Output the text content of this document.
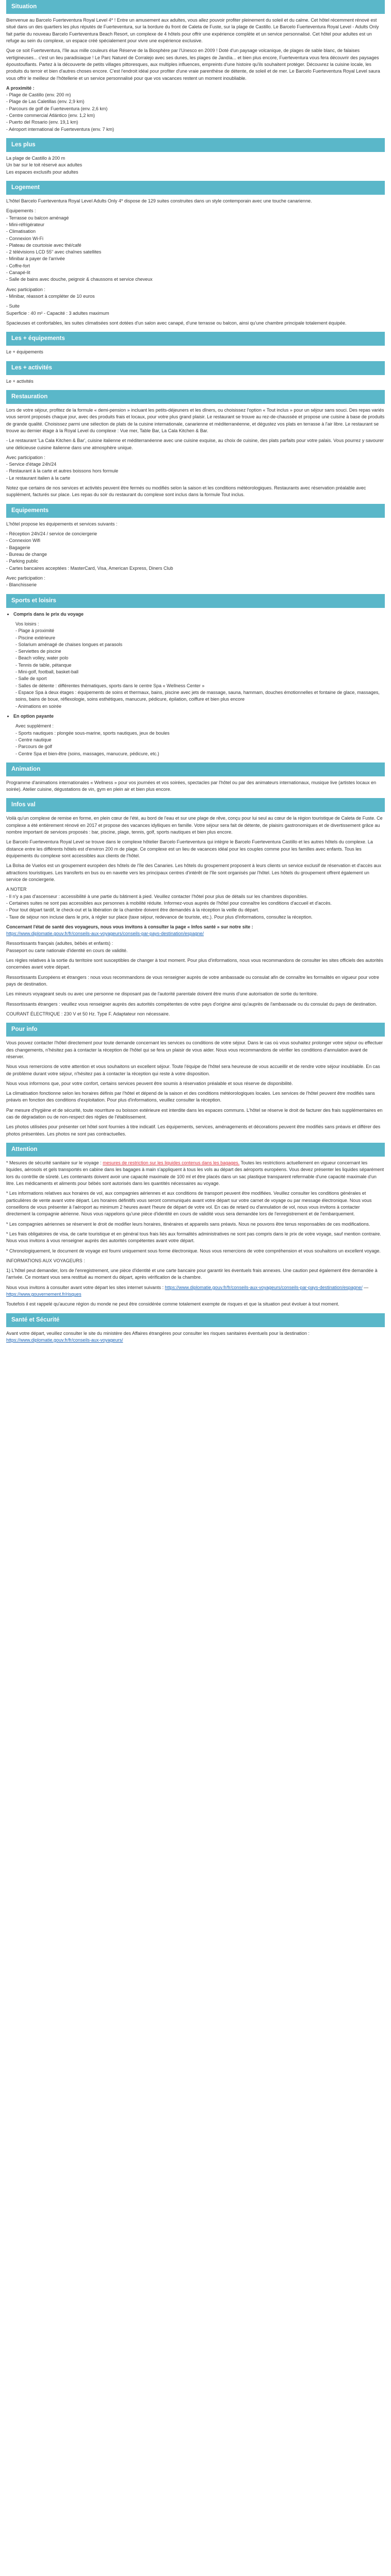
Situation

Bienvenue au Barcelo Fuerteventura Royal Level 4* ! Entre un amusement aux adultes, vous allez pouvoir profiter pleinement du soleil et du calme. Cet hôtel récemment rénové est situé dans un des quartiers les plus réputés de Fuerteventura, sur la bordure du front de Caleta de Fuste, sur la plage de Castillo. Le Barcelo Fuerteventura Royal Level - Adults Only fait partie du nouveau Barcelo Fuerteventura Beach Resort, un complexe de 4 hôtels pour offrir une expérience complète et un service personnalisé. Cet hôtel pour adultes est un refuge au sein du complexe, un espace créé spécialement pour vivre une expérience exclusive.

Que ce soit Fuerteventura, l'île aux mille couleurs élue Réserve de la Biosphère par l'Unesco en 2009 ! Doté d'un paysage volcanique, de plages de sable blanc, de falaises vertigineuses... c'est un lieu paradisiaque ! Le Parc Naturel de Corralejo avec ses dunes, les plages de Jandía... et bien plus encore, Fuerteventura vous fera découvrir des paysages époustouflants. Partez à la découverte de petits villages pittoresques, aux multiples influences, empreints d'une histoire qu'ils souhaitent protéger. Découvrez la cuisine locale, les produits du terroir et bien d'autres choses encore. C'est l'endroit idéal pour profiter d'une vraie parenthèse de détente, de soleil et de mer. Le Barcelo Fuerteventura Royal Level saura vous offrir le meilleur de l'hôtellerie et un service personnalisé pour que vos vacances restent un moment inoubliable.

A proximité :
- Plage de Castillo (env. 200 m)
- Plage de Las Caletillas (env. 2,9 km)
- Parcours de golf de Fuerteventura (env. 2,6 km)
- Centre commercial Atlántico (env. 1,2 km)
- Puerto del Rosario (env. 19,1 km)
- Aéroport international de Fuerteventura (env. 7 km)
Les plus
La plage de Castillo à 200 m
Un bar sur le toit réservé aux adultes
Les espaces exclusifs pour adultes
Logement

L'hôtel Barcelo Fuerteventura Royal Level Adults Only 4* dispose de 129 suites construites dans un style contemporain avec une touche canarienne.

Equipements :
- Terrasse ou balcon aménagé
- Mini-réfrigérateur
- Climatisation
- Connexion Wi-Fi
- Plateau de courtoisie avec thé/café
- 2 télévisions LCD 55" avec chaînes satellites
- Minibar à payer de l'arrivée
- Coffre-fort
- Canapé-lit
- Salle de bains avec douche, peignoir & chaussons et service cheveux
Avec participation :
- Minibar, réassort à compléter de 10 euros
- Suite
Superficie : 40 m² - Capacité : 3 adultes maximum

Spacieuses et confortables, les suites climatisées sont dotées d'un salon avec canapé, d'une terrasse ou balcon, ainsi qu'une chambre principale totalement équipée.

Les + équipements
Le + équipements
Les + activités
Le + activités
Restauration

Lors de votre séjour, profitez de la formule « demi-pension » incluant les petits-déjeuners et les dîners, ou choisissez l'option « Tout inclus » pour un séjour sans souci. Des repas variés vous seront proposés chaque jour, avec des produits frais et locaux, pour votre plus grand plaisir. Le restaurant se trouve au rez-de-chaussée et propose une cuisine à base de produits de grande qualité. Choisissez parmi une sélection de plats de la cuisine internationale, canarienne et méditerranéenne, et dégustez vos plats en terrasse à l'air libre. Le restaurant se trouve au dernier étage à la Royal Level du complexe : Vue mer, Table Bar, La Cala Kitchen & Bar.

- Le restaurant 'La Cala Kitchen & Bar', cuisine italienne et méditerranéenne avec une cuisine exquise, au choix de cuisine, des plats parfaits pour votre palais. Vous pourrez y savourer une délicieuse cuisine italienne dans une atmosphère unique.

Avec participation :
- Service d'étage 24h/24
- Restaurant à la carte et autres boissons hors formule
- Le restaurant italien à la carte

Notez que certains de nos services et activités peuvent être fermés ou modifiés selon la saison et les conditions météorologiques. Restaurants avec réservation préalable avec supplément, facturés sur place. Les repas du soir du restaurant du complexe sont inclus dans la formule Tout inclus.

Equipements

L'hôtel propose les équipements et services suivants :

- Réception 24h/24 / service de conciergerie
- Connexion Wifi
- Bagagerie
- Bureau de change
- Parking public
- Cartes bancaires acceptées : MasterCard, Visa, American Express, Diners Club
Avec participation :
- Blanchisserie
Sports et loisirs
• Compris dans le prix du voyage
Vos loisirs :
- Plage à proximité
- Piscine extérieure
- Solarium aménagé de chaises longues et parasols
- Serviettes de piscine
- Beach volley, water polo
- Tennis de table, pétanque
- Mini-golf, football, basket-ball
- Salle de sport
- Salles de détente : différentes thématiques, sports dans le centre Spa « Wellness Center »
- Espace Spa à deux étages : équipements de soins et thermaux, bains, piscine avec jets de massage, sauna, hammam, douches émotionnelles et fontaine de glace, massages, soins, bains de boue, réflexologie, soins esthétiques, manucure, pédicure, épilation, coiffure et bien plus encore
- Animations en soirée
• En option payante
Avec supplément :
- Sports nautiques : plongée sous-marine, sports nautiques, jeux de boules
- Centre nautique
- Parcours de golf
- Centre Spa et bien-être (soins, massages, manucure, pédicure, etc.)
Animation

Programme d'animations internationales « Wellness » pour vos journées et vos soirées, spectacles par l'hôtel ou par des animateurs internationaux, musique live (artistes locaux en soirée). Atelier cuisine, dégustations de vin, gym en plein air et bien plus encore.

Infos val

Voilà qu'un complexe de remise en forme, en plein cœur de l'été, au bord de l'eau et sur une plage de rêve, conçu pour lui seul au cœur de la région touristique de Caleta de Fuste. Ce complexe a été entièrement rénové en 2017 et propose des vacances idylliques en famille. Votre séjour sera fait de détente, de plaisirs gastronomiques et de divertissement grâce au nombre important de services proposés : bar, piscine, plage, tennis, golf, sports nautiques et bien plus encore.

Le Barcelo Fuerteventura Royal Level se trouve dans le complexe hôtelier Barcelo Fuerteventura qui intègre le Barcelo Fuerteventura Castillo et les autres hôtels du complexe. La distance entre les différents hôtels est d'environ 200 m de plage. Ce complexe est un lieu de vacances idéal pour les couples comme pour les familles avec enfants. Tous les équipements du complexe sont accessibles aux clients de l'hôtel.

La Bolsa de Vuelos est un groupement européen des hôtels de l'île des Canaries. Les hôtels du groupement proposent à leurs clients un service exclusif de réservation et d'accès aux attractions touristiques. Les transferts en bus ou en navette vers les principaux centres d'intérêt de l'île sont organisés par l'hôtel. Les hôtels du groupement offrent également un service de conciergerie.

A NOTER
- Il n'y a pas d'ascenseur : accessibilité à une partie du bâtiment à pied. Veuillez contacter l'hôtel pour plus de détails sur les chambres disponibles.
- Certaines suites ne sont pas accessibles aux personnes à mobilité réduite. Informez-vous auprès de l'hôtel pour connaître les conditions d'accueil et d'accès.
- Pour tout départ tardif, le check-out et la libération de la chambre doivent être demandés à la réception la veille du départ.
- Taxe de séjour non incluse dans le prix, à régler sur place (taxe séjour, redevance de touriste, etc.). Pour plus d'informations, consultez la réception.
Concernant l'état de santé des voyageurs, nous vous invitons à consulter la page « Infos santé » sur notre site :

https://www.diplomatie.gouv.fr/fr/conseils-aux-voyageurs/conseils-par-pays-destination/espagne/

Ressortissants français (adultes, bébés et enfants) :
Passeport ou carte nationale d'identité en cours de validité.

Les règles relatives à la sortie du territoire sont susceptibles de changer à tout moment. Pour plus d'informations, nous vous recommandons de consulter les sites officiels des autorités concernées avant votre départ.

Ressortissants Européens et étrangers : nous vous recommandons de vous renseigner auprès de votre ambassade ou consulat afin de connaître les formalités en vigueur pour votre pays de destination.

Les mineurs voyageant seuls ou avec une personne ne disposant pas de l'autorité parentale doivent être munis d'une autorisation de sortie du territoire.

Ressortissants étrangers : veuillez vous renseigner auprès des autorités compétentes de votre pays d'origine ainsi qu'auprès de l'ambassade ou du consulat du pays de destination.

COURANT ÉLECTRIQUE : 230 V et 50 Hz. Type F. Adaptateur non nécessaire.

Pour info

Vous pouvez contacter l'hôtel directement pour toute demande concernant les services ou conditions de votre séjour. Dans le cas où vous souhaitez prolonger votre séjour ou effectuer des changements, n'hésitez pas à contacter la réception de l'hôtel qui se fera un plaisir de vous aider. Nous vous recommandons de vérifier les conditions d'annulation avant de réserver.

Nous vous remercions de votre attention et vous souhaitons un excellent séjour. Toute l'équipe de l'hôtel sera heureuse de vous accueillir et de rendre votre séjour inoubliable. En cas de problème durant votre séjour, n'hésitez pas à contacter la réception qui reste à votre disposition.

Nous vous informons que, pour votre confort, certains services peuvent être soumis à réservation préalable et sous réserve de disponibilité.

La climatisation fonctionne selon les horaires définis par l'hôtel et dépend de la saison et des conditions météorologiques locales. Les services de l'hôtel peuvent être modifiés sans préavis en fonction des conditions d'exploitation. Pour plus d'informations, veuillez consulter la réception.

Par mesure d'hygiène et de sécurité, toute nourriture ou boisson extérieure est interdite dans les espaces communs. L'hôtel se réserve le droit de facturer des frais supplémentaires en cas de dégradation ou de non-respect des règles de l'établissement.

Les photos utilisées pour présenter cet hôtel sont fournies à titre indicatif. Les équipements, services, aménagements et décorations peuvent être modifiés sans préavis et différer des photos présentées. Les photos ne sont pas contractuelles.

Attention

* Mesures de sécurité sanitaire sur le voyage : mesures de restriction sur les liquides contenus dans les bagages. Toutes les restrictions actuellement en vigueur concernant les liquides, aérosols et gels transportés en cabine dans les bagages à main s'appliquent à tous les vols au départ des aéroports européens. Vous devez présenter les liquides séparément lors du contrôle de sûreté. Les contenants doivent avoir une capacité maximale de 100 ml et être placés dans un sac plastique transparent refermable d'une capacité maximale d'un litre. Les médicaments et aliments pour bébés sont autorisés dans les quantités nécessaires au voyage.

* Les informations relatives aux horaires de vol, aux compagnies aériennes et aux conditions de transport peuvent être modifiées. Veuillez consulter les conditions générales et particulières de vente avant votre départ. Les horaires définitifs vous seront communiqués avant votre départ sur votre carnet de voyage ou par message électronique. Nous vous conseillons de vous présenter à l'aéroport au minimum 2 heures avant l'heure de départ de votre vol. En cas de retard ou d'annulation de vol, nous vous invitons à contacter directement la compagnie aérienne. Nous vous rappelons qu'une pièce d'identité en cours de validité vous sera demandée lors de l'enregistrement et de l'embarquement.

* Les compagnies aériennes se réservent le droit de modifier leurs horaires, itinéraires et appareils sans préavis. Nous ne pouvons être tenus responsables de ces modifications.

* Les frais obligatoires de visa, de carte touristique et en général tous frais liés aux formalités administratives ne sont pas compris dans le prix de votre voyage, sauf mention contraire. Nous vous invitons à vous renseigner auprès des autorités compétentes avant votre départ.

* Chronologiquement, le document de voyage est fourni uniquement sous forme électronique. Nous vous remercions de votre compréhension et vous souhaitons un excellent voyage.

INFORMATIONS AUX VOYAGEURS :

1) L'hôtel peut demander, lors de l'enregistrement, une pièce d'identité et une carte bancaire pour garantir les éventuels frais annexes. Une caution peut également être demandée à l'arrivée. Ce montant vous sera restitué au moment du départ, après vérification de la chambre.

Nous vous invitons à consulter avant votre départ les sites internet suivants : https://www.diplomatie.gouv.fr/fr/conseils-aux-voyageurs/conseils-par-pays-destination/espagne/ — https://www.gouvernement.fr/risques

Toutefois il est rappelé qu'aucune région du monde ne peut être considérée comme totalement exempte de risques et que la situation peut évoluer à tout moment.

Santé et Sécurité

Avant votre départ, veuillez consulter le site du ministère des Affaires étrangères pour consulter les risques sanitaires éventuels pour la destination : https://www.diplomatie.gouv.fr/fr/conseils-aux-voyageurs/
